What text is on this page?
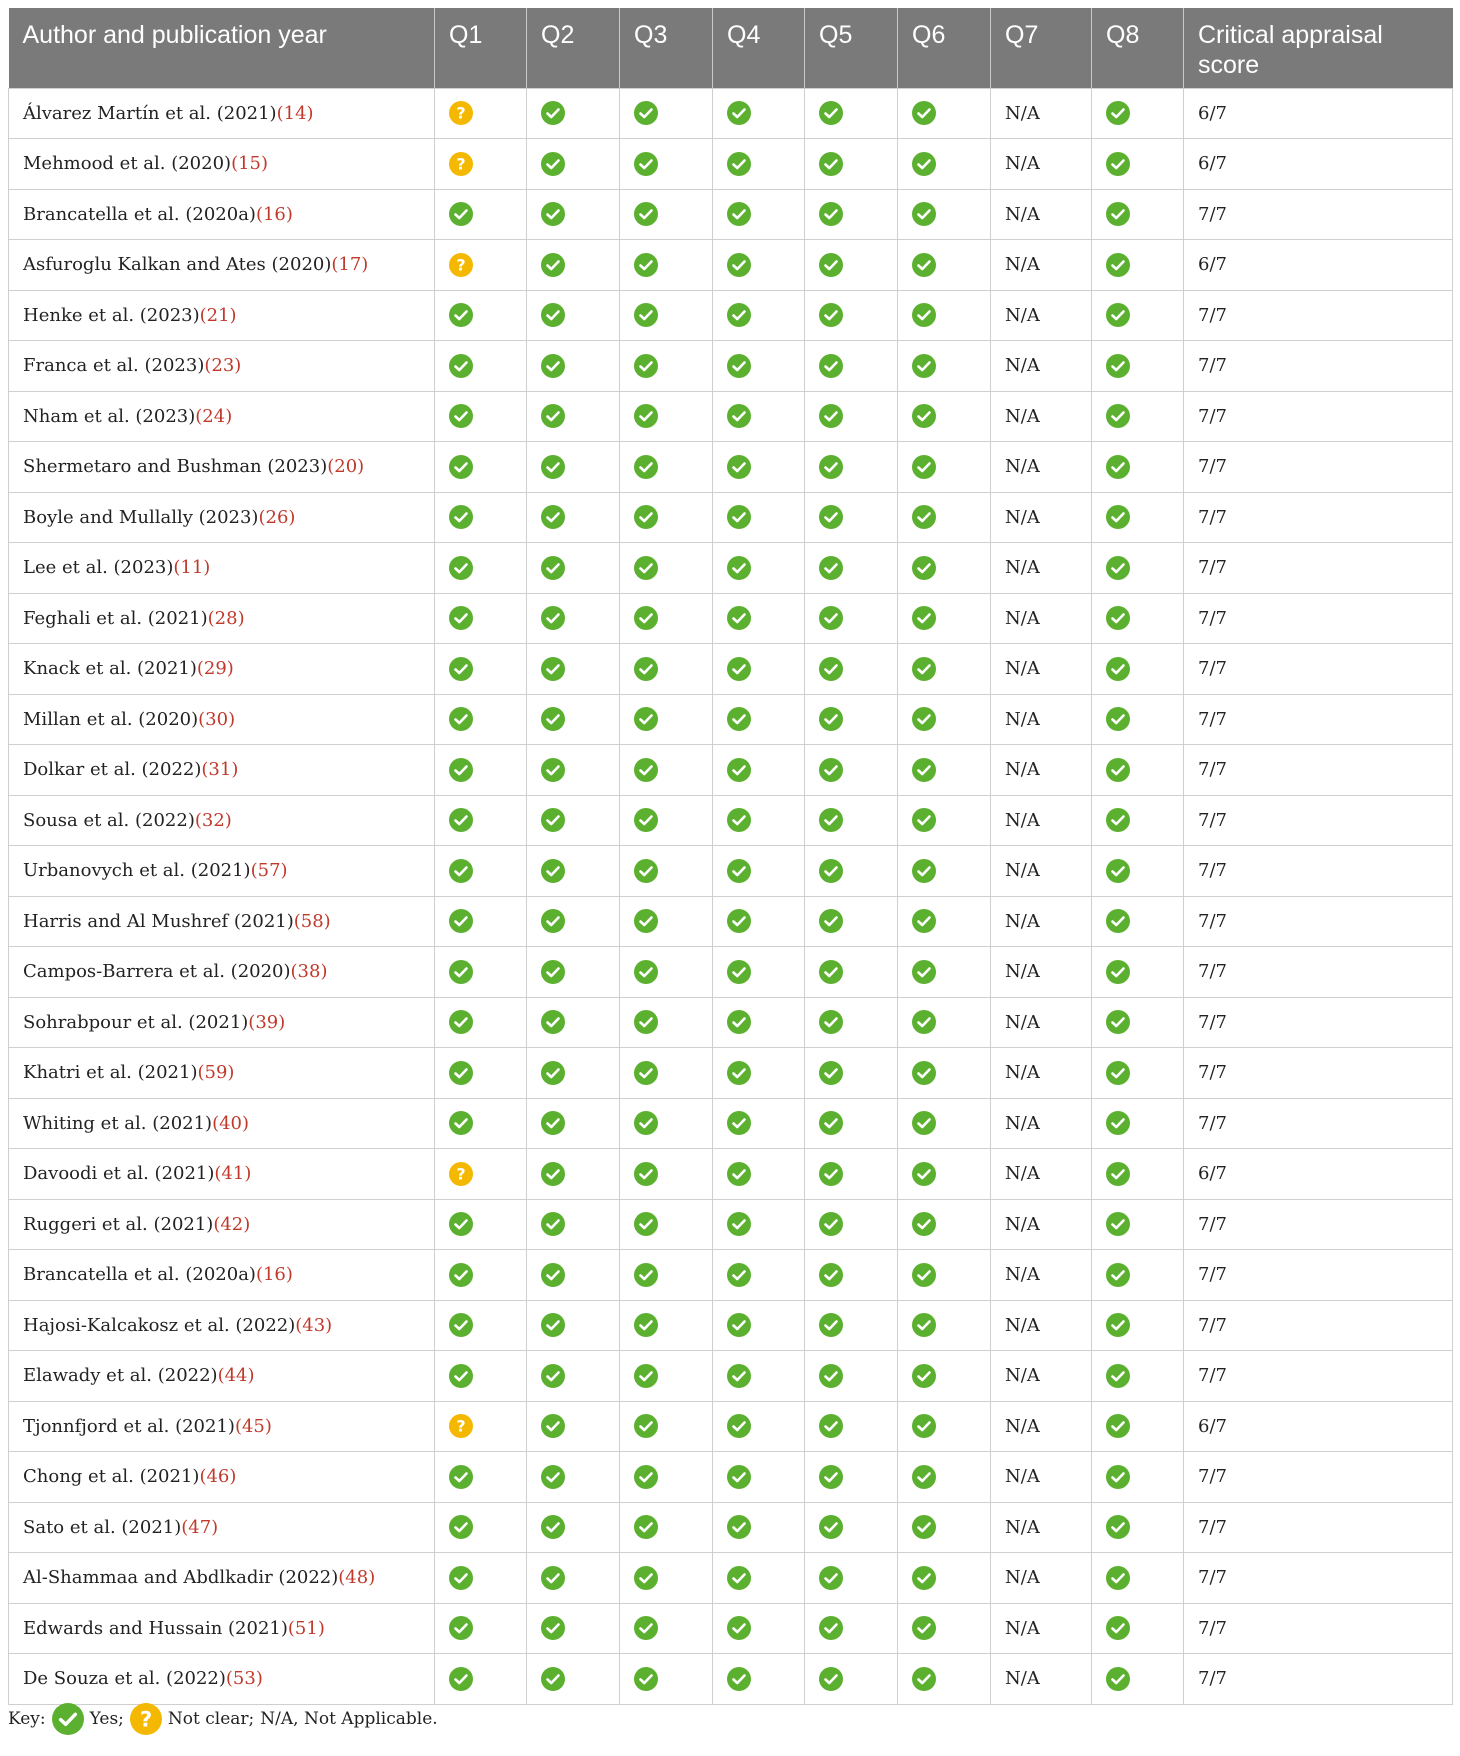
Author and publication year	Q1	Q2	Q3	Q4	Q5	Q6	Q7	Q8	Critical appraisal score
Álvarez Martín et al. (2021)(14)	?						N/A		6/7
Mehmood et al. (2020)(15)	?						N/A		6/7
Brancatella et al. (2020a)(16)							N/A		7/7
Asfuroglu Kalkan and Ates (2020)(17)	?						N/A		6/7
Henke et al. (2023)(21)							N/A		7/7
Franca et al. (2023)(23)							N/A		7/7
Nham et al. (2023)(24)							N/A		7/7
Shermetaro and Bushman (2023)(20)							N/A		7/7
Boyle and Mullally (2023)(26)							N/A		7/7
Lee et al. (2023)(11)							N/A		7/7
Feghali et al. (2021)(28)							N/A		7/7
Knack et al. (2021)(29)							N/A		7/7
Millan et al. (2020)(30)							N/A		7/7
Dolkar et al. (2022)(31)							N/A		7/7
Sousa et al. (2022)(32)							N/A		7/7
Urbanovych et al. (2021)(57)							N/A		7/7
Harris and Al Mushref (2021)(58)							N/A		7/7
Campos-Barrera et al. (2020)(38)							N/A		7/7
Sohrabpour et al. (2021)(39)							N/A		7/7
Khatri et al. (2021)(59)							N/A		7/7
Whiting et al. (2021)(40)							N/A		7/7
Davoodi et al. (2021)(41)	?						N/A		6/7
Ruggeri et al. (2021)(42)							N/A		7/7
Brancatella et al. (2020a)(16)							N/A		7/7
Hajosi-Kalcakosz et al. (2022)(43)							N/A		7/7
Elawady et al. (2022)(44)							N/A		7/7
Tjonnfjord et al. (2021)(45)	?						N/A		6/7
Chong et al. (2021)(46)							N/A		7/7
Sato et al. (2021)(47)							N/A		7/7
Al-Shammaa and Abdlkadir (2022)(48)							N/A		7/7
Edwards and Hussain (2021)(51)							N/A		7/7
De Souza et al. (2022)(53)							N/A		7/7
Key:	Yes; ? Not clear; N/A, Not Applicable.
